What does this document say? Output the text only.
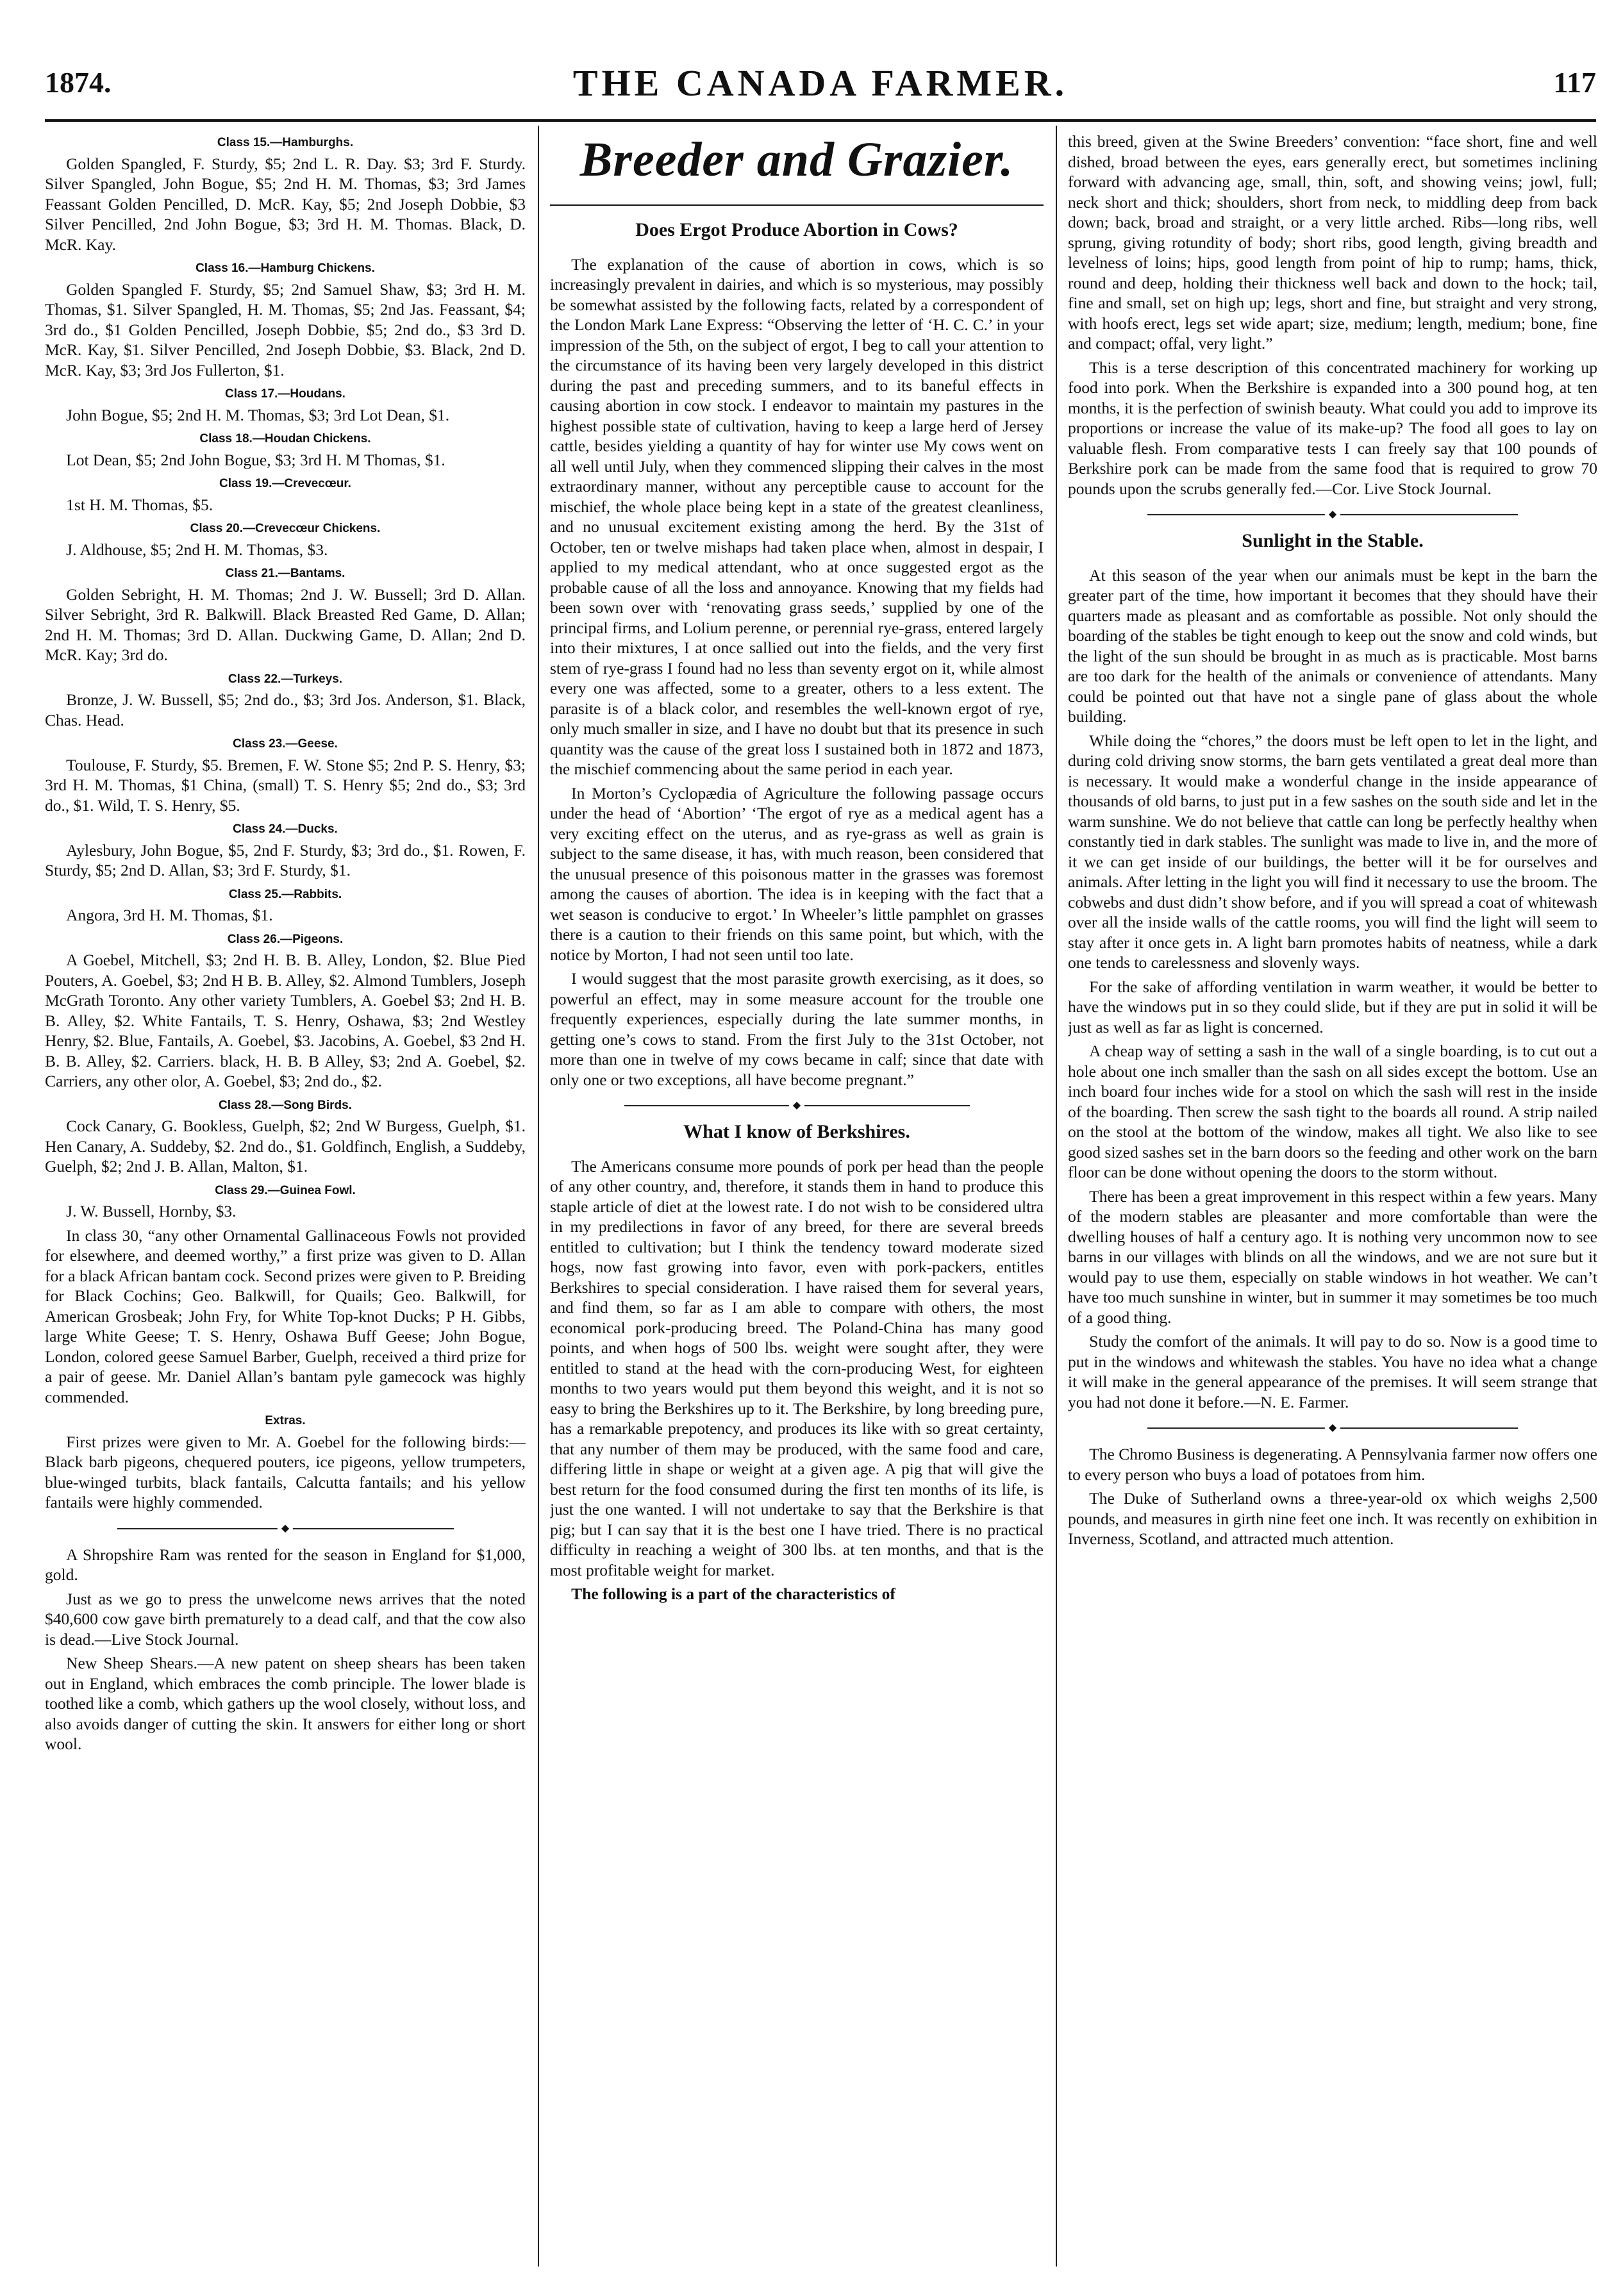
1874.	THE CANADA FARMER.	117
Class 15.—Hamburghs.

Golden Spangled, F. Sturdy, $5; 2nd L. R. Day. $3; 3rd F. Sturdy. Silver Spangled, John Bogue, $5; 2nd H. M. Thomas, $3; 3rd James Feassant Golden Pencilled, D. McR. Kay, $5; 2nd Joseph Dobbie, $3 Silver Pencilled, 2nd John Bogue, $3; 3rd H. M. Thomas. Black, D. McR. Kay.

Class 16.—Hamburg Chickens.

Golden Spangled F. Sturdy, $5; 2nd Samuel Shaw, $3; 3rd H. M. Thomas, $1. Silver Spangled, H. M. Thomas, $5; 2nd Jas. Feassant, $4; 3rd do., $1 Golden Pencilled, Joseph Dobbie, $5; 2nd do., $3 3rd D. McR. Kay, $1. Silver Pencilled, 2nd Joseph Dobbie, $3. Black, 2nd D. McR. Kay, $3; 3rd Jos Fullerton, $1.

Class 17.—Houdans.

John Bogue, $5; 2nd H. M. Thomas, $3; 3rd Lot Dean, $1.

Class 18.—Houdan Chickens.

Lot Dean, $5; 2nd John Bogue, $3; 3rd H. M Thomas, $1.

Class 19.—Crevecœur.

1st H. M. Thomas, $5.

Class 20.—Crevecœur Chickens.

J. Aldhouse, $5; 2nd H. M. Thomas, $3.

Class 21.—Bantams.

Golden Sebright, H. M. Thomas; 2nd J. W. Bussell; 3rd D. Allan. Silver Sebright, 3rd R. Balkwill. Black Breasted Red Game, D. Allan; 2nd H. M. Thomas; 3rd D. Allan. Duckwing Game, D. Allan; 2nd D. McR. Kay; 3rd do.

Class 22.—Turkeys.

Bronze, J. W. Bussell, $5; 2nd do., $3; 3rd Jos. Anderson, $1. Black, Chas. Head.

Class 23.—Geese.

Toulouse, F. Sturdy, $5. Bremen, F. W. Stone $5; 2nd P. S. Henry, $3; 3rd H. M. Thomas, $1 China, (small) T. S. Henry $5; 2nd do., $3; 3rd do., $1. Wild, T. S. Henry, $5.

Class 24.—Ducks.

Aylesbury, John Bogue, $5, 2nd F. Sturdy, $3; 3rd do., $1. Rowen, F. Sturdy, $5; 2nd D. Allan, $3; 3rd F. Sturdy, $1.

Class 25.—Rabbits.

Angora, 3rd H. M. Thomas, $1.

Class 26.—Pigeons.

A Goebel, Mitchell, $3; 2nd H. B. B. Alley, London, $2. Blue Pied Pouters, A. Goebel, $3; 2nd H B. B. Alley, $2. Almond Tumblers, Joseph McGrath Toronto. Any other variety Tumblers, A. Goebel $3; 2nd H. B. B. Alley, $2. White Fantails, T. S. Henry, Oshawa, $3; 2nd Westley Henry, $2. Blue, Fantails, A. Goebel, $3. Jacobins, A. Goebel, $3 2nd H. B. B. Alley, $2. Carriers. black, H. B. B Alley, $3; 2nd A. Goebel, $2. Carriers, any other olor, A. Goebel, $3; 2nd do., $2.

Class 28.—Song Birds.

Cock Canary, G. Bookless, Guelph, $2; 2nd W Burgess, Guelph, $1. Hen Canary, A. Suddeby, $2. 2nd do., $1. Goldfinch, English, a Suddeby, Guelph, $2; 2nd J. B. Allan, Malton, $1.

Class 29.—Guinea Fowl.

J. W. Bussell, Hornby, $3.

In class 30, “any other Ornamental Gallinaceous Fowls not provided for elsewhere, and deemed worthy,” a first prize was given to D. Allan for a black African bantam cock. Second prizes were given to P. Breiding for Black Cochins; Geo. Balkwill, for Quails; Geo. Balkwill, for American Grosbeak; John Fry, for White Top-knot Ducks; P H. Gibbs, large White Geese; T. S. Henry, Oshawa Buff Geese; John Bogue, London, colored geese Samuel Barber, Guelph, received a third prize for a pair of geese. Mr. Daniel Allan’s bantam pyle gamecock was highly commended.

Extras.

First prizes were given to Mr. A. Goebel for the following birds:—Black barb pigeons, chequered pouters, ice pigeons, yellow trumpeters, blue-winged turbits, black fantails, Calcutta fantails; and his yellow fantails were highly commended.

◆

A Shropshire Ram was rented for the season in England for $1,000, gold.

Just as we go to press the unwelcome news arrives that the noted $40,600 cow gave birth prematurely to a dead calf, and that the cow also is dead.—Live Stock Journal.

New Sheep Shears.—A new patent on sheep shears has been taken out in England, which embraces the comb principle. The lower blade is toothed like a comb, which gathers up the wool closely, without loss, and also avoids danger of cutting the skin. It answers for either long or short wool.

Breeder and Grazier.
Does Ergot Produce Abortion in Cows?

The explanation of the cause of abortion in cows, which is so increasingly prevalent in dairies, and which is so mysterious, may possibly be somewhat assisted by the following facts, related by a correspondent of the London Mark Lane Express: “Observing the letter of ‘H. C. C.’ in your impression of the 5th, on the subject of ergot, I beg to call your attention to the circumstance of its having been very largely developed in this district during the past and preceding summers, and to its baneful effects in causing abortion in cow stock. I endeavor to maintain my pastures in the highest possible state of cultivation, having to keep a large herd of Jersey cattle, besides yielding a quantity of hay for winter use My cows went on all well until July, when they commenced slipping their calves in the most extraordinary manner, without any perceptible cause to account for the mischief, the whole place being kept in a state of the greatest cleanliness, and no unusual excitement existing among the herd. By the 31st of October, ten or twelve mishaps had taken place when, almost in despair, I applied to my medical attendant, who at once suggested ergot as the probable cause of all the loss and annoyance. Knowing that my fields had been sown over with ‘renovating grass seeds,’ supplied by one of the principal firms, and Lolium perenne, or perennial rye-grass, entered largely into their mixtures, I at once sallied out into the fields, and the very first stem of rye-grass I found had no less than seventy ergot on it, while almost every one was affected, some to a greater, others to a less extent. The parasite is of a black color, and resembles the well-known ergot of rye, only much smaller in size, and I have no doubt but that its presence in such quantity was the cause of the great loss I sustained both in 1872 and 1873, the mischief commencing about the same period in each year.

In Morton’s Cyclopædia of Agriculture the following passage occurs under the head of ‘Abortion’ ‘The ergot of rye as a medical agent has a very exciting effect on the uterus, and as rye-grass as well as grain is subject to the same disease, it has, with much reason, been considered that the unusual presence of this poisonous matter in the grasses was foremost among the causes of abortion. The idea is in keeping with the fact that a wet season is conducive to ergot.’ In Wheeler’s little pamphlet on grasses there is a caution to their friends on this same point, but which, with the notice by Morton, I had not seen until too late.

I would suggest that the most parasite growth exercising, as it does, so powerful an effect, may in some measure account for the trouble one frequently experiences, especially during the late summer months, in getting one’s cows to stand. From the first July to the 31st October, not more than one in twelve of my cows became in calf; since that date with only one or two exceptions, all have become pregnant.”

◆
What I know of Berkshires.

The Americans consume more pounds of pork per head than the people of any other country, and, therefore, it stands them in hand to produce this staple article of diet at the lowest rate. I do not wish to be considered ultra in my predilections in favor of any breed, for there are several breeds entitled to cultivation; but I think the tendency toward moderate sized hogs, now fast growing into favor, even with pork-packers, entitles Berkshires to special consideration. I have raised them for several years, and find them, so far as I am able to compare with others, the most economical pork-producing breed. The Poland-China has many good points, and when hogs of 500 lbs. weight were sought after, they were entitled to stand at the head with the corn-producing West, for eighteen months to two years would put them beyond this weight, and it is not so easy to bring the Berkshires up to it. The Berkshire, by long breeding pure, has a remarkable prepotency, and produces its like with so great certainty, that any number of them may be produced, with the same food and care, differing little in shape or weight at a given age. A pig that will give the best return for the food consumed during the first ten months of its life, is just the one wanted. I will not undertake to say that the Berkshire is that pig; but I can say that it is the best one I have tried. There is no practical difficulty in reaching a weight of 300 lbs. at ten months, and that is the most profitable weight for market.

The following is a part of the characteristics of

this breed, given at the Swine Breeders’ convention: “face short, fine and well dished, broad between the eyes, ears generally erect, but sometimes inclining forward with advancing age, small, thin, soft, and showing veins; jowl, full; neck short and thick; shoulders, short from neck, to middling deep from back down; back, broad and straight, or a very little arched. Ribs—long ribs, well sprung, giving rotundity of body; short ribs, good length, giving breadth and levelness of loins; hips, good length from point of hip to rump; hams, thick, round and deep, holding their thickness well back and down to the hock; tail, fine and small, set on high up; legs, short and fine, but straight and very strong, with hoofs erect, legs set wide apart; size, medium; length, medium; bone, fine and compact; offal, very light.”

This is a terse description of this concentrated machinery for working up food into pork. When the Berkshire is expanded into a 300 pound hog, at ten months, it is the perfection of swinish beauty. What could you add to improve its proportions or increase the value of its make-up? The food all goes to lay on valuable flesh. From comparative tests I can freely say that 100 pounds of Berkshire pork can be made from the same food that is required to grow 70 pounds upon the scrubs generally fed.—Cor. Live Stock Journal.

◆
Sunlight in the Stable.

At this season of the year when our animals must be kept in the barn the greater part of the time, how important it becomes that they should have their quarters made as pleasant and as comfortable as possible. Not only should the boarding of the stables be tight enough to keep out the snow and cold winds, but the light of the sun should be brought in as much as is practicable. Most barns are too dark for the health of the animals or convenience of attendants. Many could be pointed out that have not a single pane of glass about the whole building.

While doing the “chores,” the doors must be left open to let in the light, and during cold driving snow storms, the barn gets ventilated a great deal more than is necessary. It would make a wonderful change in the inside appearance of thousands of old barns, to just put in a few sashes on the south side and let in the warm sunshine. We do not believe that cattle can long be perfectly healthy when constantly tied in dark stables. The sunlight was made to live in, and the more of it we can get inside of our buildings, the better will it be for ourselves and animals. After letting in the light you will find it necessary to use the broom. The cobwebs and dust didn’t show before, and if you will spread a coat of whitewash over all the inside walls of the cattle rooms, you will find the light will seem to stay after it once gets in. A light barn promotes habits of neatness, while a dark one tends to carelessness and slovenly ways.

For the sake of affording ventilation in warm weather, it would be better to have the windows put in so they could slide, but if they are put in solid it will be just as well as far as light is concerned.

A cheap way of setting a sash in the wall of a single boarding, is to cut out a hole about one inch smaller than the sash on all sides except the bottom. Use an inch board four inches wide for a stool on which the sash will rest in the inside of the boarding. Then screw the sash tight to the boards all round. A strip nailed on the stool at the bottom of the window, makes all tight. We also like to see good sized sashes set in the barn doors so the feeding and other work on the barn floor can be done without opening the doors to the storm without.

There has been a great improvement in this respect within a few years. Many of the modern stables are pleasanter and more comfortable than were the dwelling houses of half a century ago. It is nothing very uncommon now to see barns in our villages with blinds on all the windows, and we are not sure but it would pay to use them, especially on stable windows in hot weather. We can’t have too much sunshine in winter, but in summer it may sometimes be too much of a good thing.

Study the comfort of the animals. It will pay to do so. Now is a good time to put in the windows and whitewash the stables. You have no idea what a change it will make in the general appearance of the premises. It will seem strange that you had not done it before.—N. E. Farmer.

◆

The Chromo Business is degenerating. A Pennsylvania farmer now offers one to every person who buys a load of potatoes from him.

The Duke of Sutherland owns a three-year-old ox which weighs 2,500 pounds, and measures in girth nine feet one inch. It was recently on exhibition in Inverness, Scotland, and attracted much attention.
